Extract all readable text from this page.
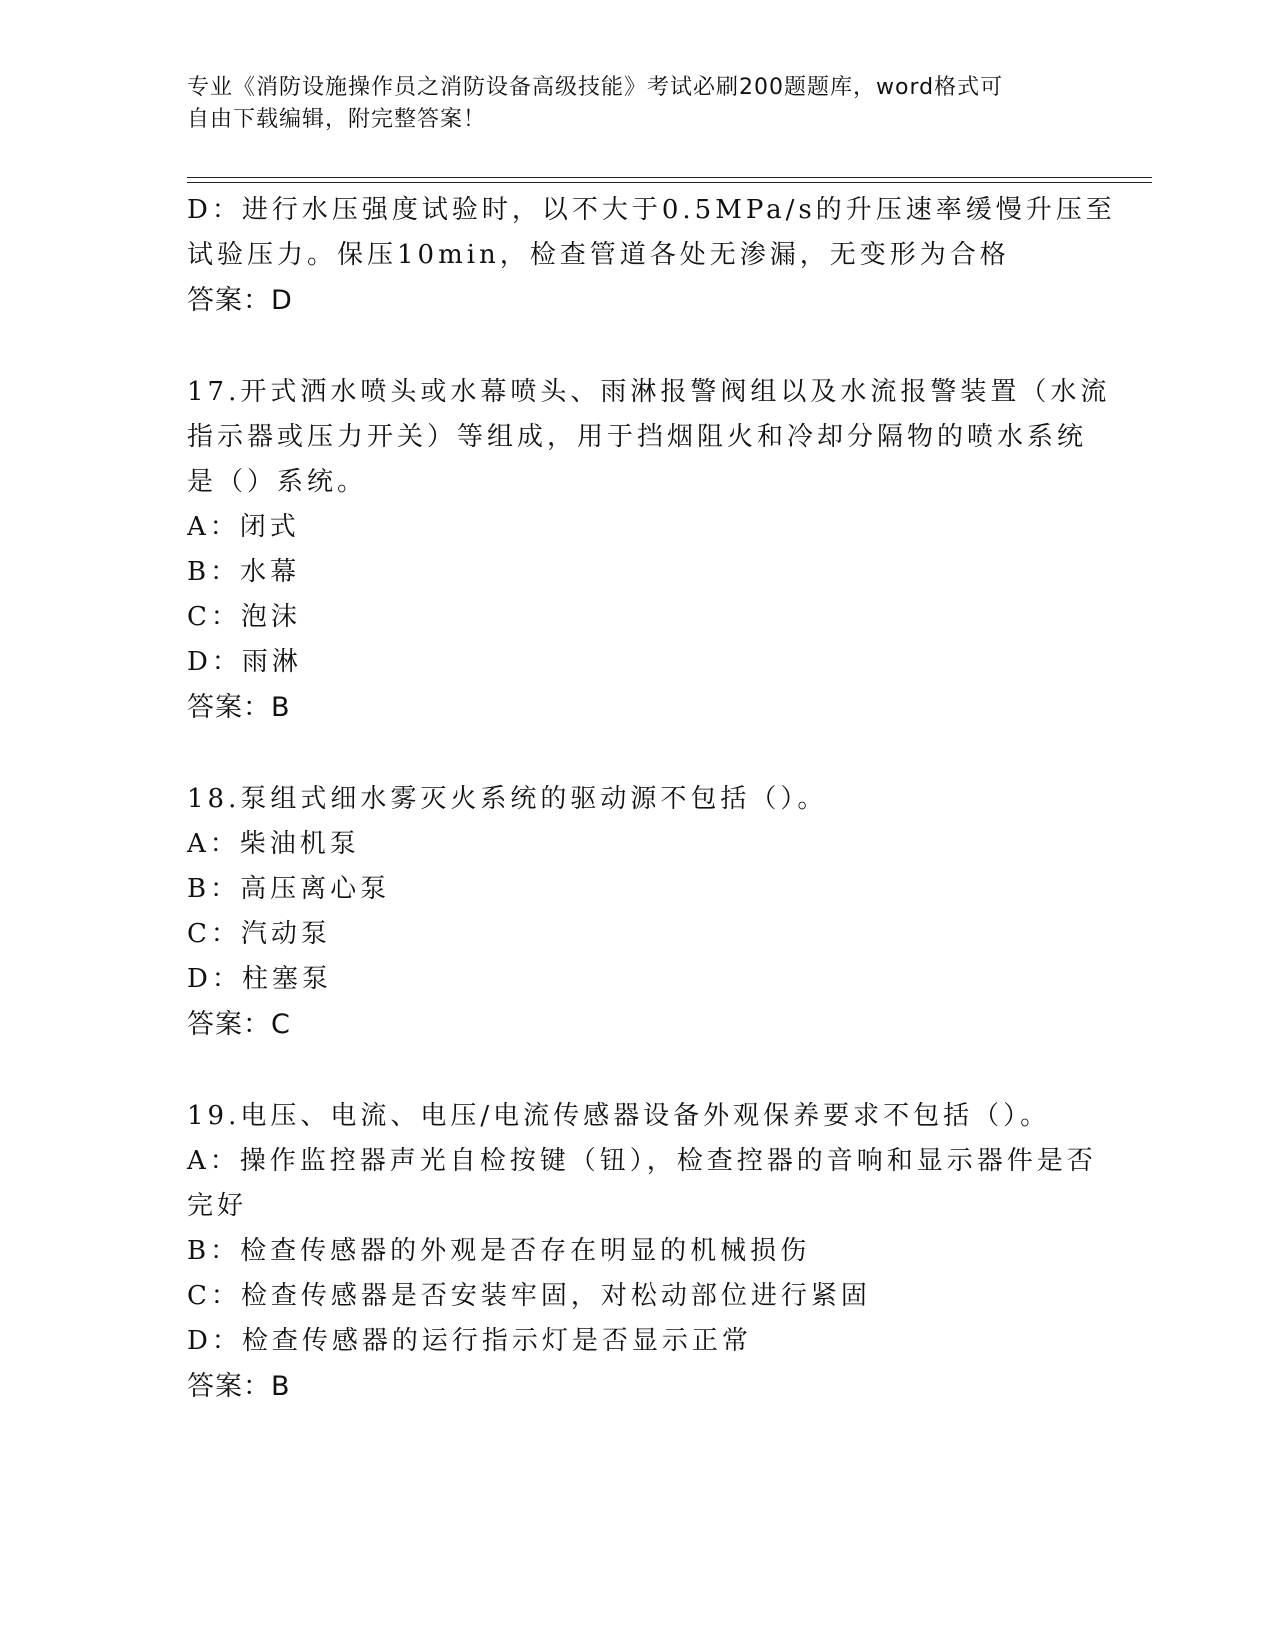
专业《消防设施操作员之消防设备高级技能》考试必刷200题题库，word格式可
自由下载编辑，附完整答案！
D：进行水压强度试验时，以不大于0.5MPa/s的升压速率缓慢升压至
试验压力。保压10min，检查管道各处无渗漏，无变形为合格
答案：D
17.开式洒水喷头或水幕喷头、雨淋报警阀组以及水流报警装置（水流
指示器或压力开关）等组成，用于挡烟阻火和冷却分隔物的喷水系统
是（）系统。
A：闭式
B：水幕
C：泡沫
D：雨淋
答案：B
18.泵组式细水雾灭火系统的驱动源不包括（）。
A：柴油机泵
B：高压离心泵
C：汽动泵
D：柱塞泵
答案：C
19.电压、电流、电压/电流传感器设备外观保养要求不包括（）。
A：操作监控器声光自检按键（钮），检查控器的音响和显示器件是否
完好
B：检查传感器的外观是否存在明显的机械损伤
C：检查传感器是否安装牢固，对松动部位进行紧固
D：检查传感器的运行指示灯是否显示正常
答案：B
